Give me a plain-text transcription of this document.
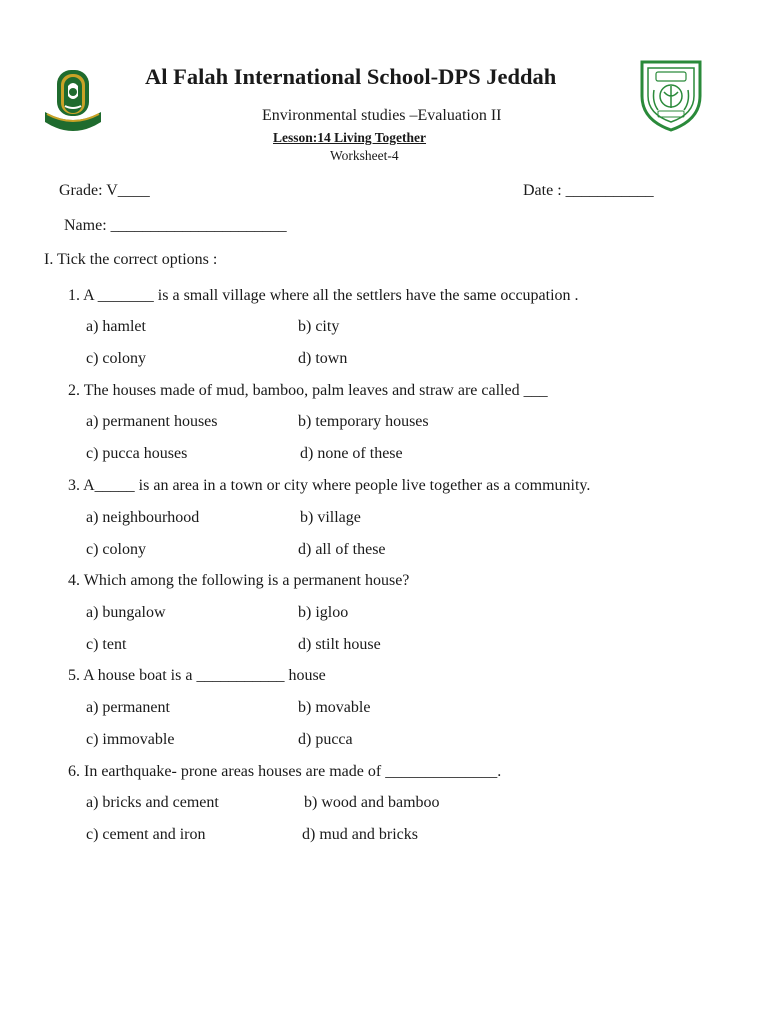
Al Falah International School-DPS Jeddah
Environmental studies –Evaluation II
Lesson:14 Living Together
Worksheet-4
Grade: V____	Date : ___________
Name: ______________________
I. Tick the correct options :
1. A _______ is a small village where all the settlers have the same occupation .
a) hamlet	b) city
c) colony	d) town
2. The houses made of mud, bamboo, palm leaves and straw are called ___
a) permanent houses	b) temporary houses
c) pucca houses	d) none of these
3. A_____ is an area in a town or city where people live together as a community.
a) neighbourhood	b) village
c) colony	d) all of these
4. Which among the following is a permanent house?
a) bungalow	b) igloo
c) tent	d) stilt house
5. A house boat is a ___________ house
a) permanent	b) movable
c) immovable	d) pucca
6. In earthquake- prone areas houses are made of ______________.
a) bricks and cement	b) wood and bamboo
c) cement and iron	d) mud and bricks
